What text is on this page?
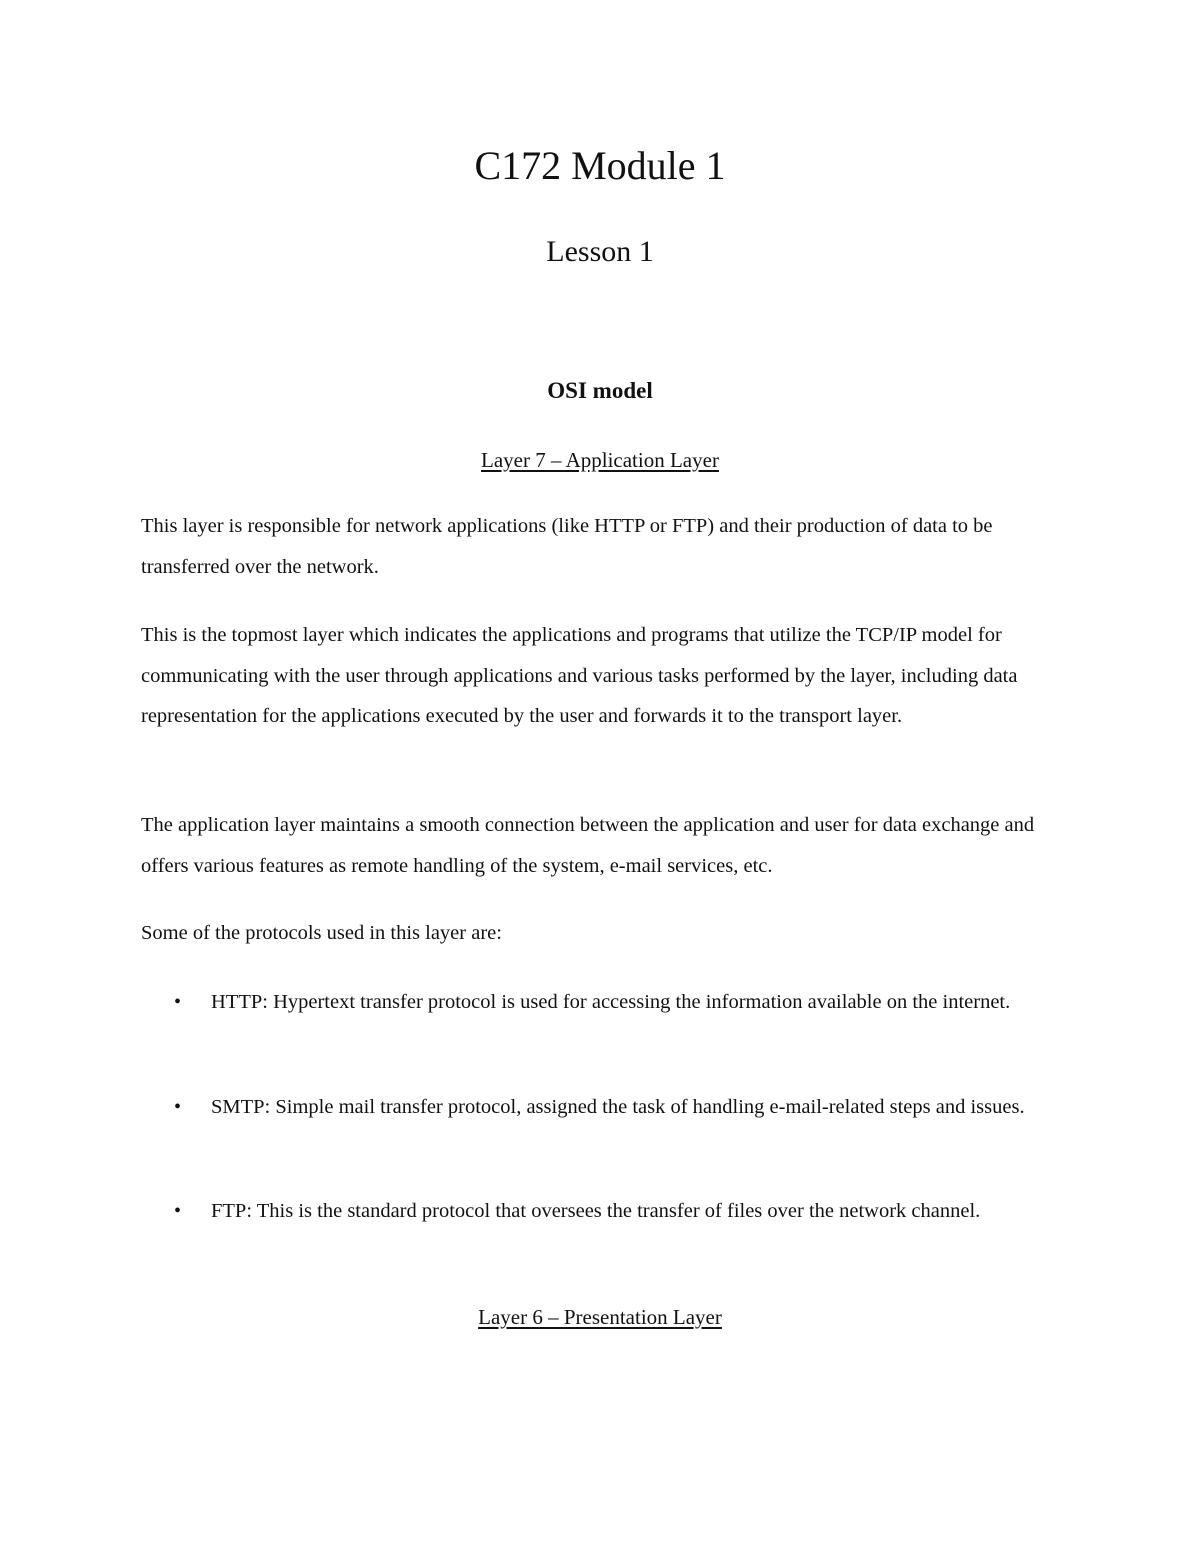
C172 Module 1
Lesson 1
OSI model
Layer 7 – Application Layer

This layer is responsible for network applications (like HTTP or FTP) and their production of data to be transferred over the network.

This is the topmost layer which indicates the applications and programs that utilize the TCP/IP model for communicating with the user through applications and various tasks performed by the layer, including data representation for the applications executed by the user and forwards it to the transport layer.

The application layer maintains a smooth connection between the application and user for data exchange and offers various features as remote handling of the system, e-mail services, etc.

Some of the protocols used in this layer are:

• HTTP: Hypertext transfer protocol is used for accessing the information available on the internet.

• SMTP: Simple mail transfer protocol, assigned the task of handling e-mail-related steps and issues.

• FTP: This is the standard protocol that oversees the transfer of files over the network channel.

Layer 6 – Presentation Layer
